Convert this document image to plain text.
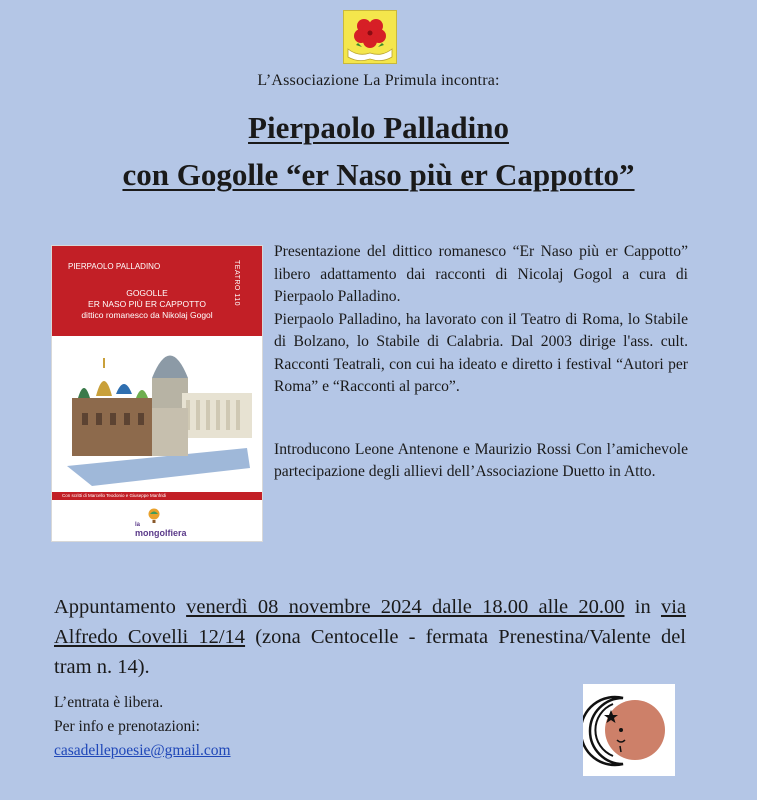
L’Associazione La Primula incontra:
Pierpaolo Palladino
con Gogolle “er Naso più er Cappotto”
PIERPAOLO PALLADINO	TEATRO 110
GOGOLLE
ER NASO PIÙ ER CAPPOTTO
dittico romanesco da Nikolaj Gogol
Con scritti di Marcello Teodonio e Giuseppe Manfridi
la
mongolfiera

Presentazione del dittico romanesco “Er Naso più er Cappotto” libero adattamento dai racconti di Nicolaj Gogol a cura di Pierpaolo Palladino.

Pierpaolo Palladino, ha lavorato con il Teatro di Roma, lo Stabile di Bolzano, lo Stabile di Calabria. Dal 2003 dirige l'ass. cult. Racconti Teatrali, con cui ha ideato e diretto i festival “Autori per Roma” e “Racconti al parco”.

Introducono Leone Antenone e Maurizio Rossi Con l’amichevole partecipazione degli allievi dell’Associazione Duetto in Atto.

Appuntamento venerdì 08 novembre 2024 dalle 18.00 alle 20.00 in via Alfredo Covelli 12/14 (zona Centocelle - fermata Prenestina/Valente del tram n. 14).
L’entrata è libera.
Per info e prenotazioni:
casadellepoesie@gmail.com
